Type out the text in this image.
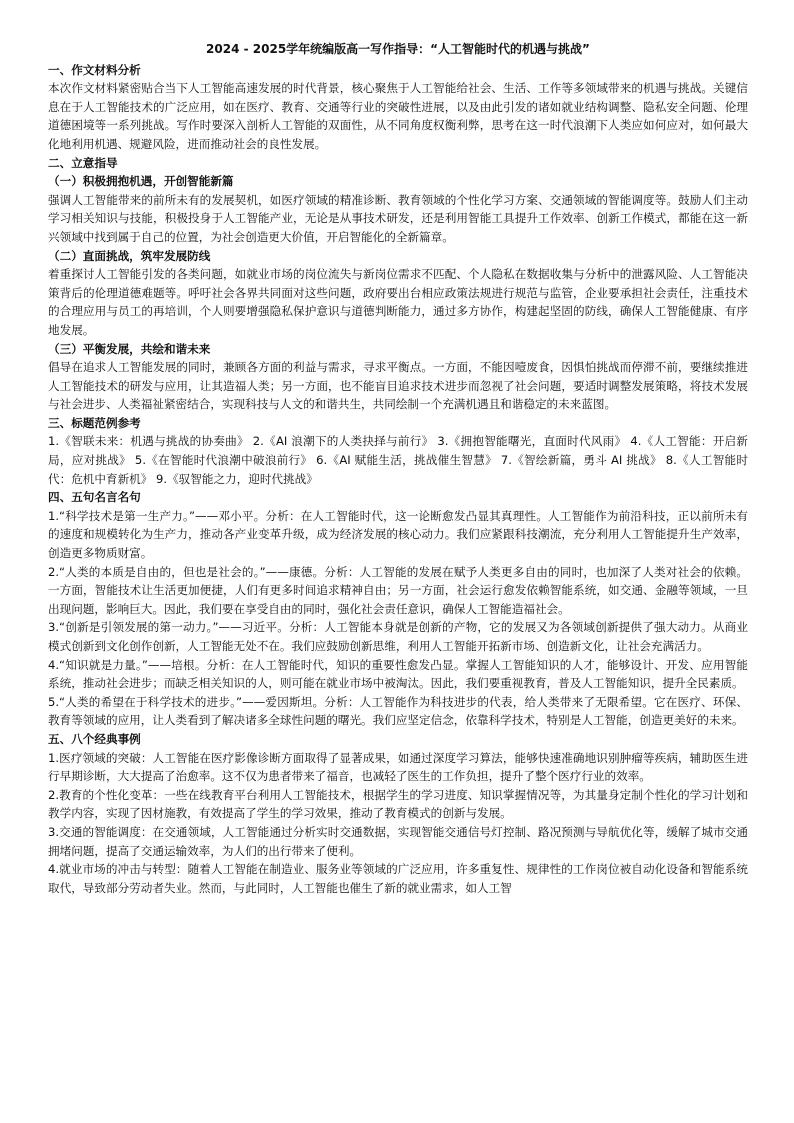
2024 - 2025学年统编版高一写作指导：“人工智能时代的机遇与挑战”
一、作文材料分析
本次作文材料紧密贴合当下人工智能高速发展的时代背景，核心聚焦于人工智能给社会、生活、工作等多领域带来的机遇与挑战。关键信息在于人工智能技术的广泛应用，如在医疗、教育、交通等行业的突破性进展，以及由此引发的诸如就业结构调整、隐私安全问题、伦理道德困境等一系列挑战。写作时要深入剖析人工智能的双面性，从不同角度权衡利弊，思考在这一时代浪潮下人类应如何应对，如何最大化地利用机遇、规避风险，进而推动社会的良性发展。
二、立意指导
（一）积极拥抱机遇，开创智能新篇
强调人工智能带来的前所未有的发展契机，如医疗领域的精准诊断、教育领域的个性化学习方案、交通领域的智能调度等。鼓励人们主动学习相关知识与技能，积极投身于人工智能产业，无论是从事技术研发，还是利用智能工具提升工作效率、创新工作模式，都能在这一新兴领域中找到属于自己的位置，为社会创造更大价值，开启智能化的全新篇章。
（二）直面挑战，筑牢发展防线
着重探讨人工智能引发的各类问题，如就业市场的岗位流失与新岗位需求不匹配、个人隐私在数据收集与分析中的泄露风险、人工智能决策背后的伦理道德难题等。呼吁社会各界共同面对这些问题，政府要出台相应政策法规进行规范与监管，企业要承担社会责任，注重技术的合理应用与员工的再培训，个人则要增强隐私保护意识与道德判断能力，通过多方协作，构建起坚固的防线，确保人工智能健康、有序地发展。
（三）平衡发展，共绘和谐未来
倡导在追求人工智能发展的同时，兼顾各方面的利益与需求，寻求平衡点。一方面，不能因噎废食，因惧怕挑战而停滞不前，要继续推进人工智能技术的研发与应用，让其造福人类；另一方面，也不能盲目追求技术进步而忽视了社会问题，要适时调整发展策略，将技术发展与社会进步、人类福祉紧密结合，实现科技与人文的和谐共生，共同绘制一个充满机遇且和谐稳定的未来蓝图。
三、标题范例参考
1.《智联未来：机遇与挑战的协奏曲》 2.《AI 浪潮下的人类抉择与前行》 3.《拥抱智能曙光，直面时代风雨》 4.《人工智能：开启新局，应对挑战》 5.《在智能时代浪潮中破浪前行》 6.《AI 赋能生活，挑战催生智慧》 7.《智绘新篇，勇斗 AI 挑战》 8.《人工智能时代：危机中育新机》 9.《驭智能之力，迎时代挑战》
四、五句名言名句
1.“科学技术是第一生产力。”——邓小平。分析：在人工智能时代，这一论断愈发凸显其真理性。人工智能作为前沿科技，正以前所未有的速度和规模转化为生产力，推动各产业变革升级，成为经济发展的核心动力。我们应紧跟科技潮流，充分利用人工智能提升生产效率，创造更多物质财富。
2.“人类的本质是自由的，但也是社会的。”——康德。分析：人工智能的发展在赋予人类更多自由的同时，也加深了人类对社会的依赖。一方面，智能技术让生活更加便捷，人们有更多时间追求精神自由；另一方面，社会运行愈发依赖智能系统，如交通、金融等领域，一旦出现问题，影响巨大。因此，我们要在享受自由的同时，强化社会责任意识，确保人工智能造福社会。
3.“创新是引领发展的第一动力。”——习近平。分析：人工智能本身就是创新的产物，它的发展又为各领域创新提供了强大动力。从商业模式创新到文化创作创新，人工智能无处不在。我们应鼓励创新思维，利用人工智能开拓新市场、创造新文化，让社会充满活力。
4.“知识就是力量。”——培根。分析：在人工智能时代，知识的重要性愈发凸显。掌握人工智能知识的人才，能够设计、开发、应用智能系统，推动社会进步；而缺乏相关知识的人，则可能在就业市场中被淘汰。因此，我们要重视教育，普及人工智能知识，提升全民素质。
5.“人类的希望在于科学技术的进步。”——爱因斯坦。分析：人工智能作为科技进步的代表，给人类带来了无限希望。它在医疗、环保、教育等领域的应用，让人类看到了解决诸多全球性问题的曙光。我们应坚定信念，依靠科学技术，特别是人工智能，创造更美好的未来。
五、八个经典事例
1.医疗领域的突破：人工智能在医疗影像诊断方面取得了显著成果，如通过深度学习算法，能够快速准确地识别肿瘤等疾病，辅助医生进行早期诊断，大大提高了治愈率。这不仅为患者带来了福音，也减轻了医生的工作负担，提升了整个医疗行业的效率。
2.教育的个性化变革：一些在线教育平台利用人工智能技术，根据学生的学习进度、知识掌握情况等，为其量身定制个性化的学习计划和教学内容，实现了因材施教，有效提高了学生的学习效果，推动了教育模式的创新与发展。
3.交通的智能调度：在交通领域，人工智能通过分析实时交通数据，实现智能交通信号灯控制、路况预测与导航优化等，缓解了城市交通拥堵问题，提高了交通运输效率，为人们的出行带来了便利。
4.就业市场的冲击与转型：随着人工智能在制造业、服务业等领域的广泛应用，许多重复性、规律性的工作岗位被自动化设备和智能系统取代，导致部分劳动者失业。然而，与此同时，人工智能也催生了新的就业需求，如人工智
